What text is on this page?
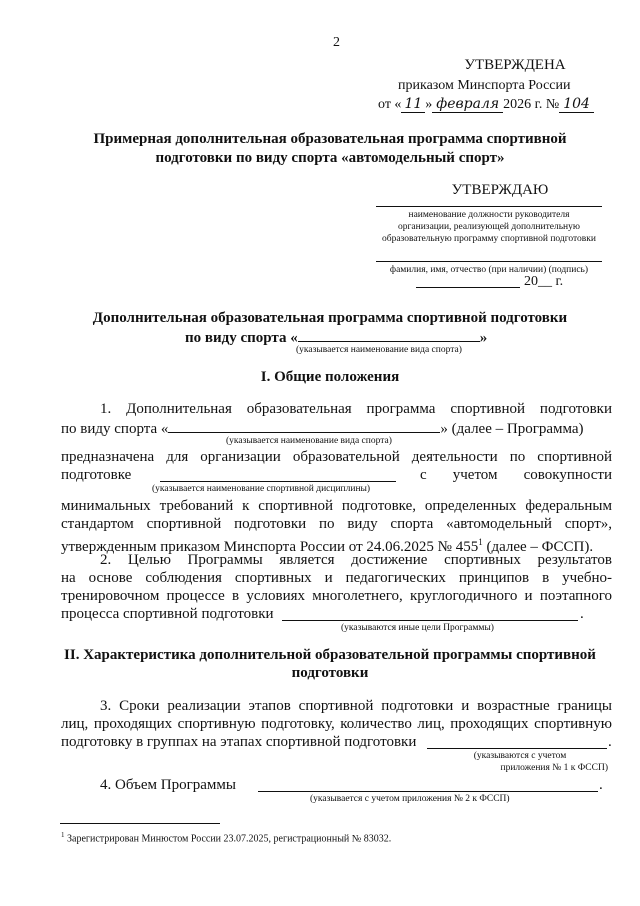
2
УТВЕРЖДЕНА
приказом Минспорта России
от « 11 » февраля 2026 г. № 104
Примерная дополнительная образовательная программа спортивной
подготовки по виду спорта «автомодельный спорт»
УТВЕРЖДАЮ
наименование должности руководителя
организации, реализующей дополнительную
образовательную программу спортивной подготовки
фамилия, имя, отчество (при наличии) (подпись)
20__ г.
Дополнительная образовательная программа спортивной подготовки
по виду спорта «	»
(указывается наименование вида спорта)
I. Общие положения
1. Дополнительная образовательная программа спортивной подготовки
по виду спорта «	» (далее – Программа)
(указывается наименование вида спорта)
предназначена для организации образовательной деятельности по спортивной
подготовке	с учетом совокупности
(указывается наименование спортивной дисциплины)
минимальных требований к спортивной подготовке, определенных федеральным
стандартом спортивной подготовки по виду спорта «автомодельный спорт»,
утвержденным приказом Минспорта России от 24.06.2025 № $455^1$ (далее – ФССП).
2. Целью Программы является достижение спортивных результатов
на основе соблюдения спортивных и педагогических принципов в учебно-
тренировочном процессе в условиях многолетнего, круглогодичного и поэтапного
процесса спортивной подготовки	.
(указываются иные цели Программы)
II. Характеристика дополнительной образовательной программы спортивной
подготовки
3. Сроки реализации этапов спортивной подготовки и возрастные границы
лиц, проходящих спортивную подготовку, количество лиц, проходящих спортивную
подготовку в группах на этапах спортивной подготовки	.
(указываются с учетом
приложения № 1 к ФССП)
4. Объем Программы	.
(указывается с учетом приложения № 2 к ФССП)
$^1$ Зарегистрирован Минюстом России 23.07.2025, регистрационный № 83032.
